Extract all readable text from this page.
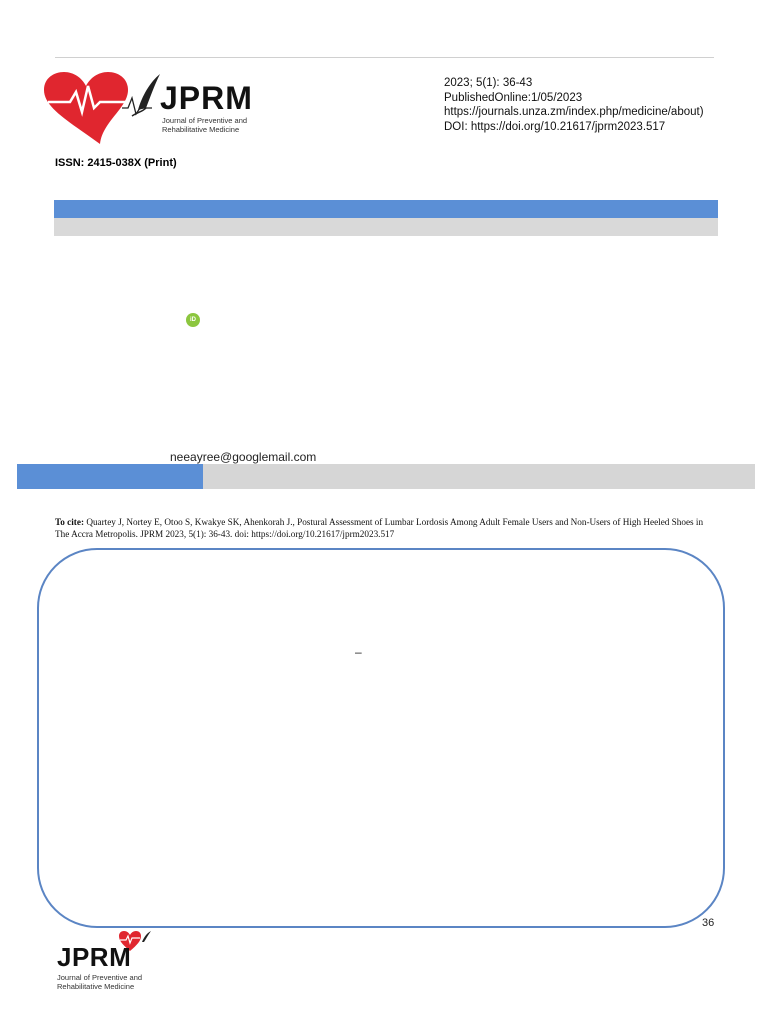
JPRM
Journal of Preventive and
Rehabilitative Medicine
2023; 5(1): 36-43
PublishedOnline:1/05/2023
https://journals.unza.zm/index.php/medicine/about)
DOI: https://doi.org/10.21617/jprm2023.517
ISSN: 2415-038X (Print)
iD
neeayree@googlemail.com
To cite: Quartey J, Nortey E, Otoo S, Kwakye SK, Ahenkorah J., Postural Assessment of Lumbar Lordosis Among Adult Female Users and Non-Users of High Heeled Shoes in The Accra Metropolis. JPRM 2023, 5(1): 36-43. doi: https://doi.org/10.21617/jprm2023.517
–
36
JPRM
Journal of Preventive and
Rehabilitative Medicine
